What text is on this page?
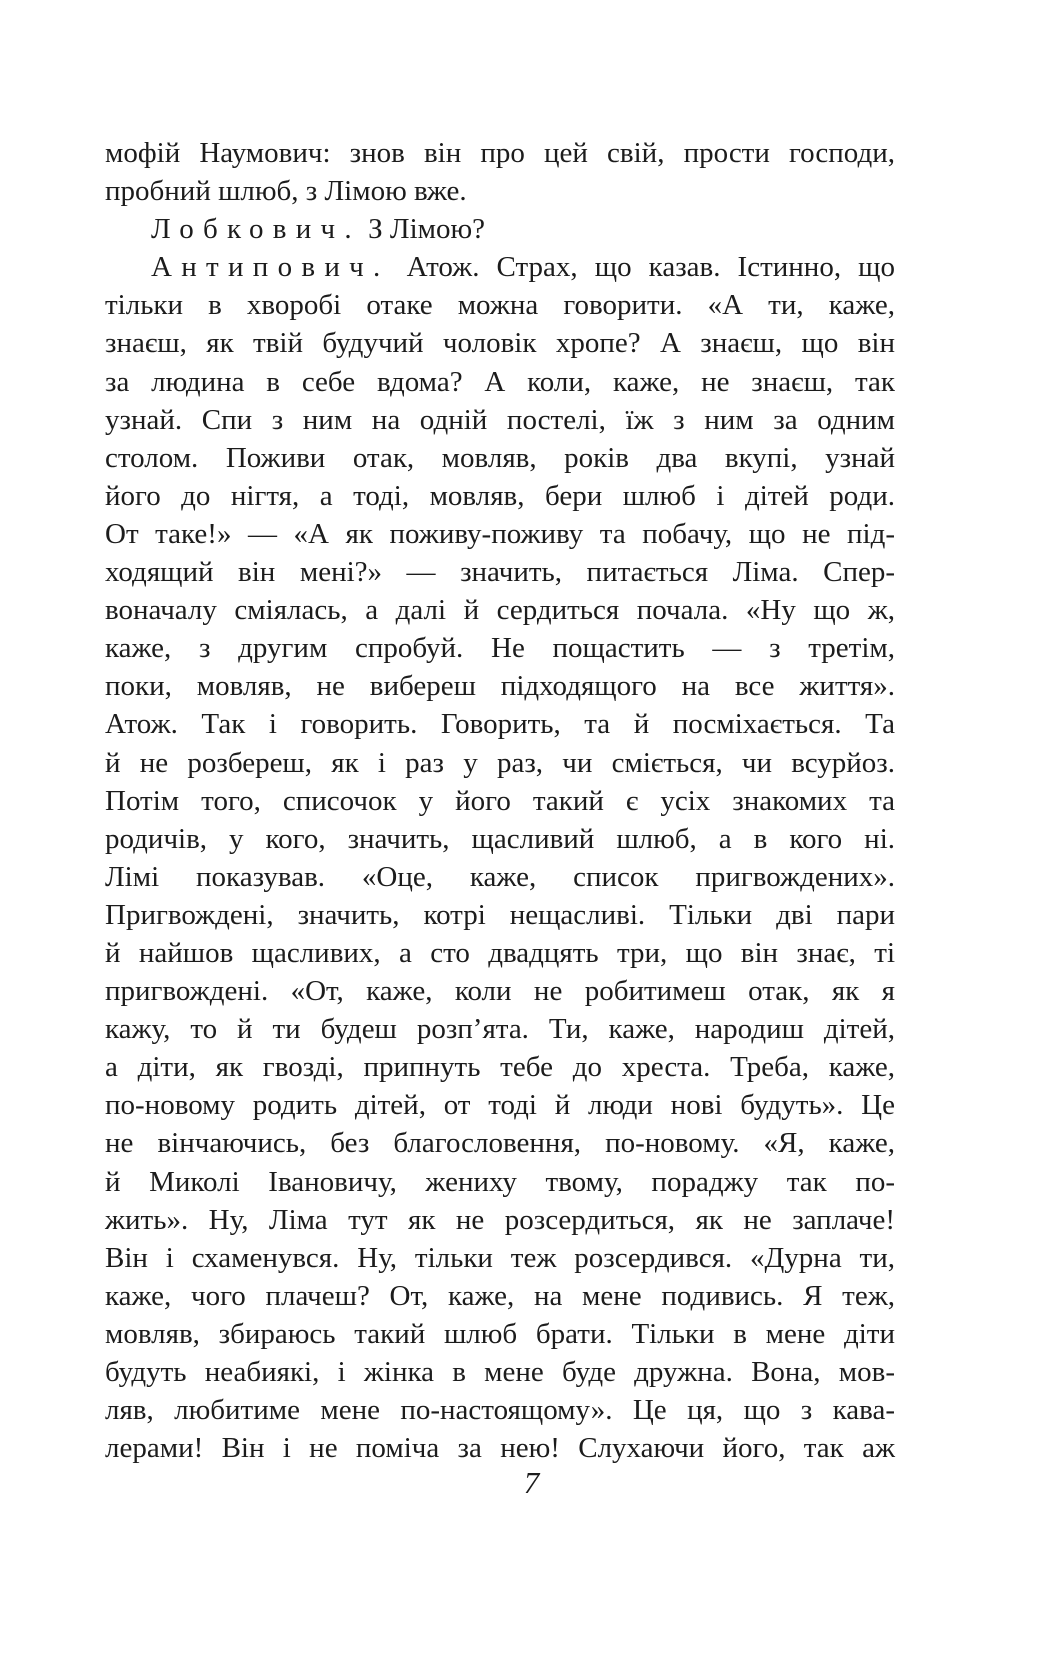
мофій Наумович: знов він про цей свій, прости господи,
пробний шлюб, з Лімою вже.
Лобкович. З Лімою?
Антипович. Атож. Страх, що казав. Істинно, що
тільки в хворобі отаке можна говорити. «А ти, каже,
знаєш, як твій будучий чоловік хропе? А знаєш, що він
за людина в себе вдома? А коли, каже, не знаєш, так
узнай. Спи з ним на одній постелі, їж з ним за одним
столом. Поживи отак, мовляв, років два вкупі, узнай
його до нігтя, а тоді, мовляв, бери шлюб і дітей роди.
От таке!» — «А як поживу-поживу та побачу, що не під-
ходящий він мені?» — значить, питається Ліма. Спер-
воначалу сміялась, а далі й сердиться почала. «Ну що ж,
каже, з другим спробуй. Не пощастить — з третім,
поки, мовляв, не вибереш підходящого на все життя».
Атож. Так і говорить. Говорить, та й посміхається. Та
й не розбереш, як і раз у раз, чи сміється, чи всурйоз.
Потім того, списочок у його такий є усіх знакомих та
родичів, у кого, значить, щасливий шлюб, а в кого ні.
Лімі показував. «Оце, каже, список пригвождених».
Пригвождені, значить, котрі нещасливі. Тільки дві пари
й найшов щасливих, а сто двадцять три, що він знає, ті
пригвождені. «От, каже, коли не робитимеш отак, як я
кажу, то й ти будеш розп’ята. Ти, каже, народиш дітей,
а діти, як гвозді, припнуть тебе до хреста. Треба, каже,
по-новому родить дітей, от тоді й люди нові будуть». Це
не вінчаючись, без благословення, по-новому. «Я, каже,
й Миколі Івановичу, жениху твому, пораджу так по-
жить». Ну, Ліма тут як не розсердиться, як не заплаче!
Він і схаменувся. Ну, тільки теж розсердився. «Дурна ти,
каже, чого плачеш? От, каже, на мене подивись. Я теж,
мовляв, збираюсь такий шлюб брати. Тільки в мене діти
будуть неабиякі, і жінка в мене буде дружна. Вона, мов-
ляв, любитиме мене по-настоящому». Це ця, що з кава-
лерами! Він і не поміча за нею! Слухаючи його, так аж
7
